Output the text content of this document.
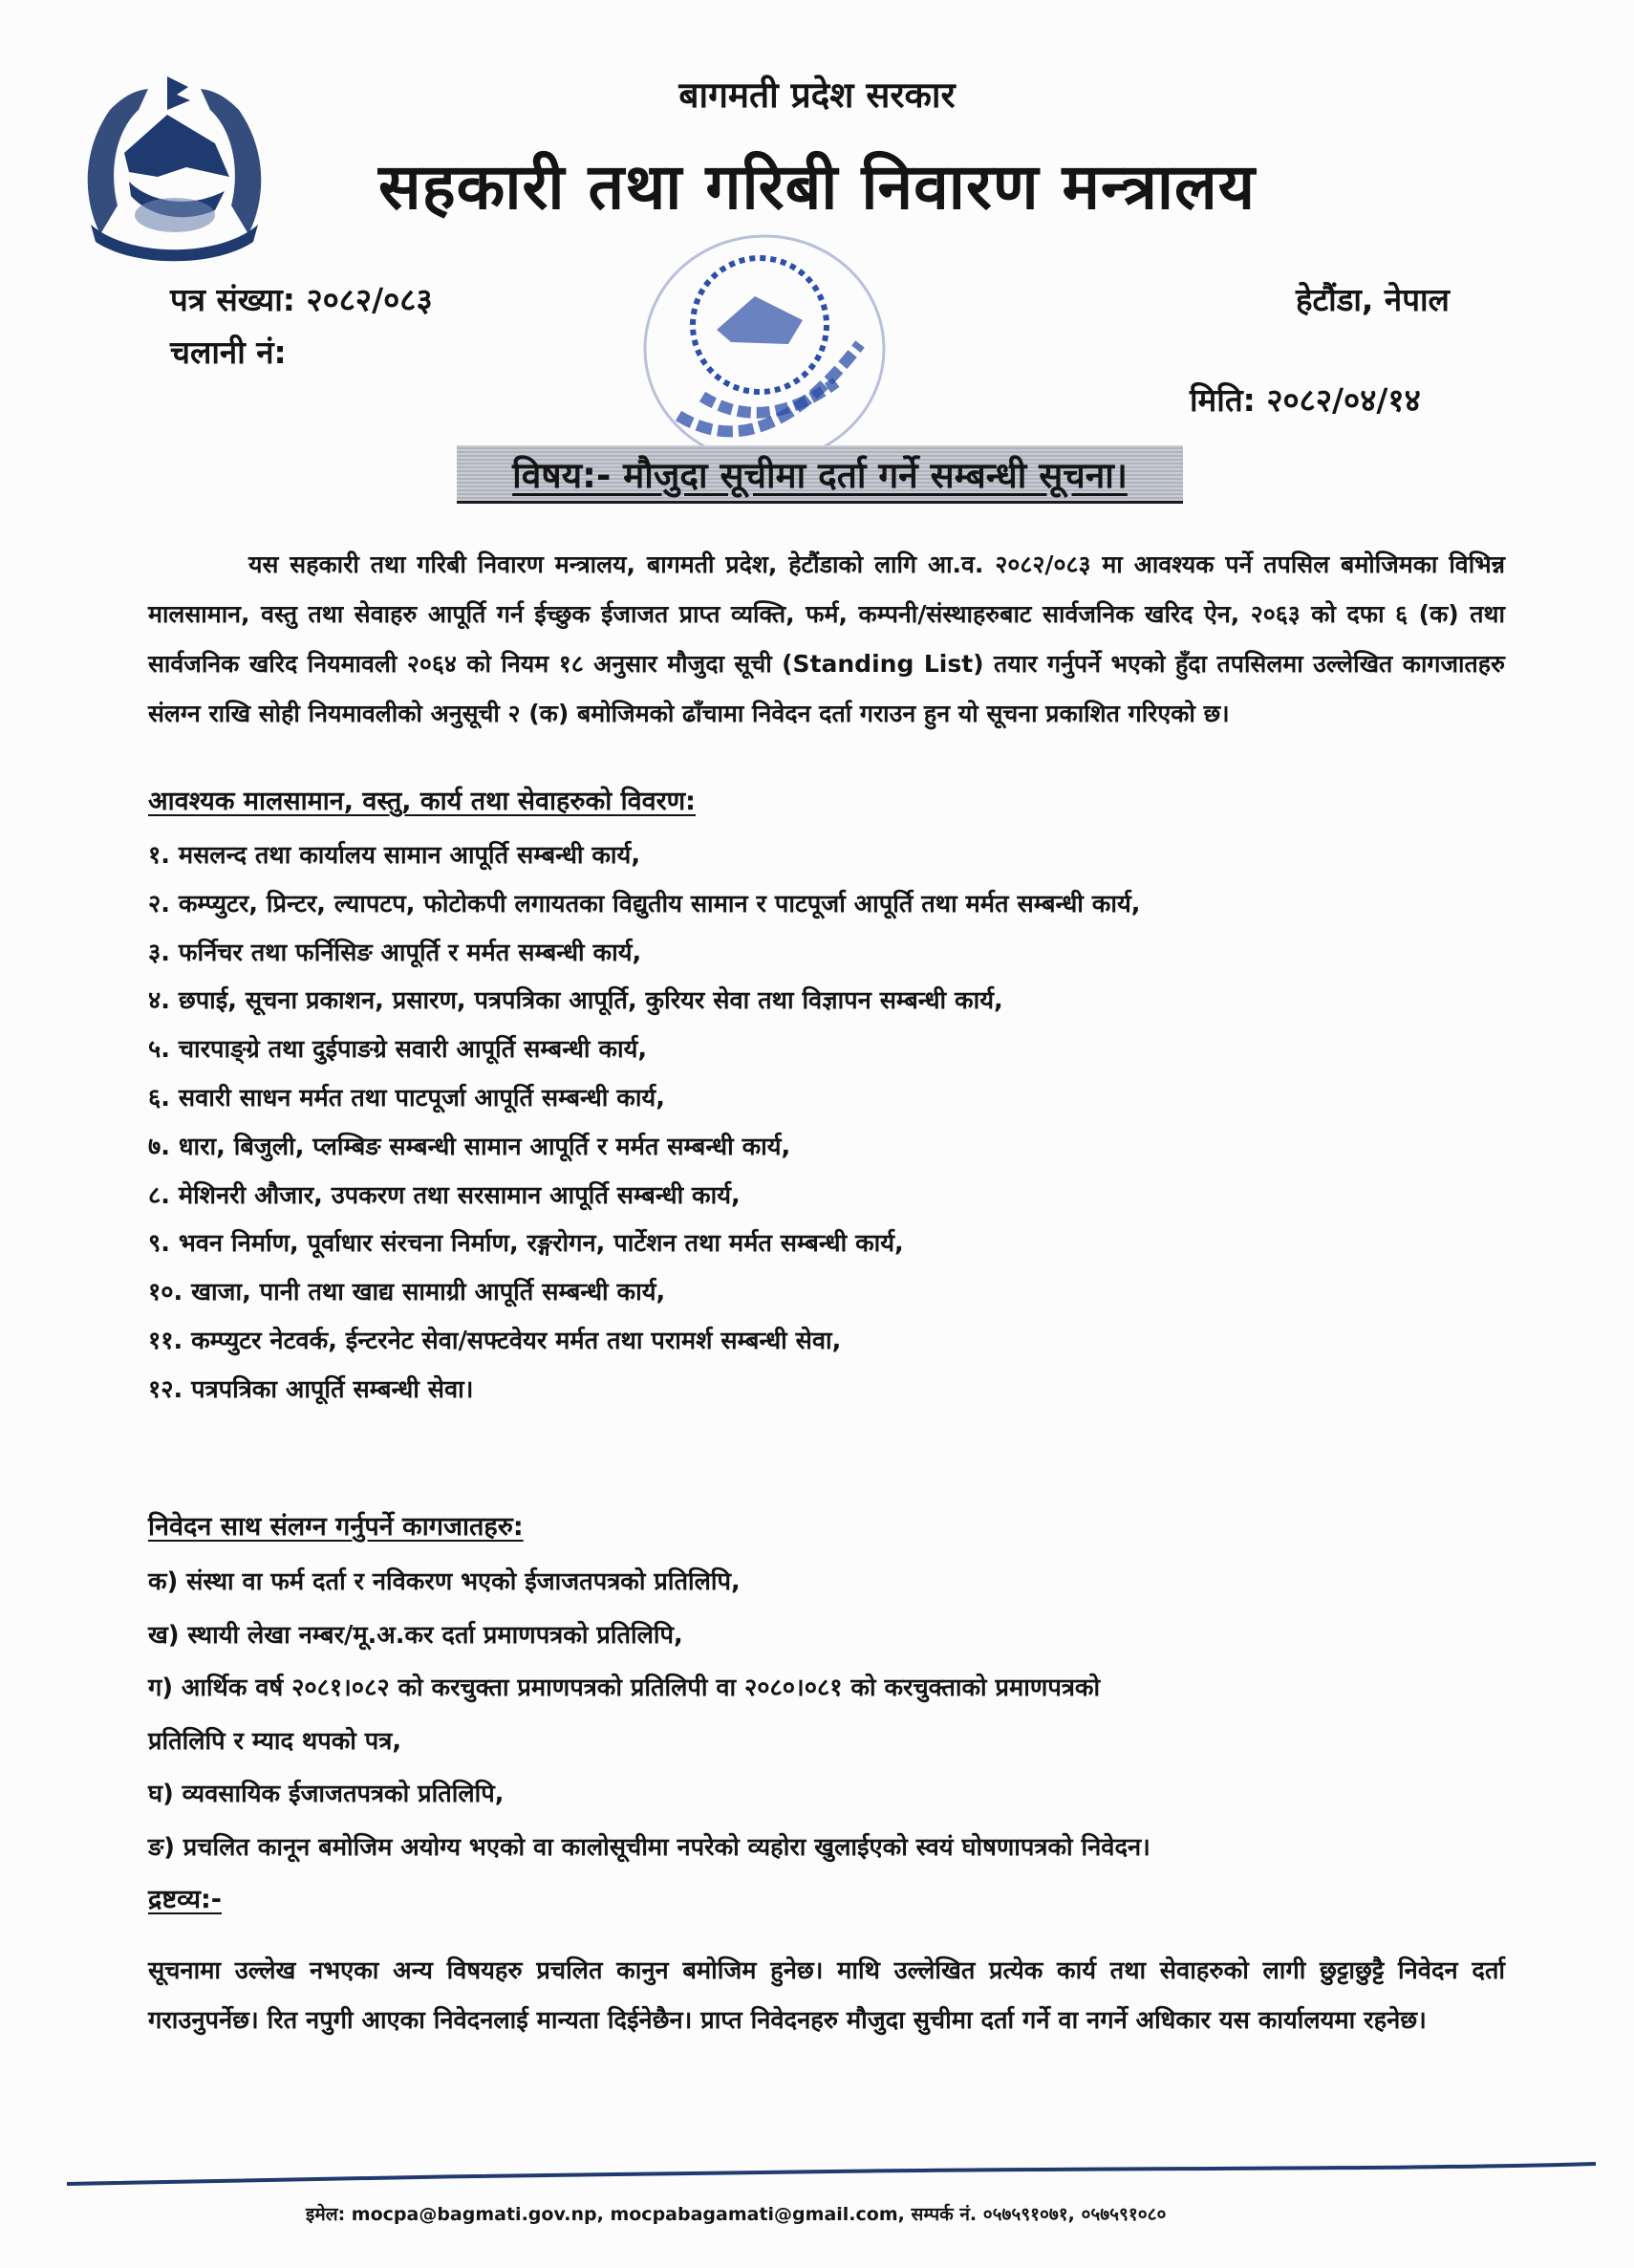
बागमती प्रदेश सरकार
सहकारी तथा गरिबी निवारण मन्त्रालय
पत्र संख्या: २०८२/०८३
चलानी नं:
हेटौंडा, नेपाल
मिति: २०८२/०४/१४
विषय:- मौजुदा सूचीमा दर्ता गर्ने सम्बन्धी सूचना।

यस सहकारी तथा गरिबी निवारण मन्त्रालय, बागमती प्रदेश, हेटौंडाको लागि आ.व. २०८२/०८३ मा आवश्यक पर्ने तपसिल बमोजिमका विभिन्न मालसामान, वस्तु तथा सेवाहरु आपूर्ति गर्न ईच्छुक ईजाजत प्राप्त व्यक्ति, फर्म, कम्पनी/संस्थाहरुबाट सार्वजनिक खरिद ऐन, २०६३ को दफा ६ (क) तथा सार्वजनिक खरिद नियमावली २०६४ को नियम १८ अनुसार मौजुदा सूची (Standing List) तयार गर्नुपर्ने भएको हुँदा तपसिलमा उल्लेखित कागजातहरु संलग्न राखि सोही नियमावलीको अनुसूची २ (क) बमोजिमको ढाँचामा निवेदन दर्ता गराउन हुन यो सूचना प्रकाशित गरिएको छ।

आवश्यक मालसामान, वस्तु, कार्य तथा सेवाहरुको विवरण:
१. मसलन्द तथा कार्यालय सामान आपूर्ति सम्बन्धी कार्य,
२. कम्प्युटर, प्रिन्टर, ल्यापटप, फोटोकपी लगायतका विद्युतीय सामान र पाटपूर्जा आपूर्ति तथा मर्मत सम्बन्धी कार्य,
३. फर्निचर तथा फर्निसिङ आपूर्ति र मर्मत सम्बन्धी कार्य,
४. छपाई, सूचना प्रकाशन, प्रसारण, पत्रपत्रिका आपूर्ति, कुरियर सेवा तथा विज्ञापन सम्बन्धी कार्य,
५. चारपाङ्ग्रे तथा दुईपाङग्रे सवारी आपूर्ति सम्बन्धी कार्य,
६. सवारी साधन मर्मत तथा पाटपूर्जा आपूर्ति सम्बन्धी कार्य,
७. धारा, बिजुली, प्लम्बिङ सम्बन्धी सामान आपूर्ति र मर्मत सम्बन्धी कार्य,
८. मेशिनरी औजार, उपकरण तथा सरसामान आपूर्ति सम्बन्धी कार्य,
९. भवन निर्माण, पूर्वाधार संरचना निर्माण, रङ्गरोगन, पार्टेशन तथा मर्मत सम्बन्धी कार्य,
१०. खाजा, पानी तथा खाद्य सामाग्री आपूर्ति सम्बन्धी कार्य,
११. कम्प्युटर नेटवर्क, ईन्टरनेट सेवा/सफ्टवेयर मर्मत तथा परामर्श सम्बन्धी सेवा,
१२. पत्रपत्रिका आपूर्ति सम्बन्धी सेवा।
निवेदन साथ संलग्न गर्नुपर्ने कागजातहरु:
क) संस्था वा फर्म दर्ता र नविकरण भएको ईजाजतपत्रको प्रतिलिपि,
ख) स्थायी लेखा नम्बर/मू.अ.कर दर्ता प्रमाणपत्रको प्रतिलिपि,
ग) आर्थिक वर्ष २०८१।०८२ को करचुक्ता प्रमाणपत्रको प्रतिलिपी वा २०८०।०८१ को करचुक्ताको प्रमाणपत्रको
प्रतिलिपि र म्याद थपको पत्र,
घ) व्यवसायिक ईजाजतपत्रको प्रतिलिपि,
ङ) प्रचलित कानून बमोजिम अयोग्य भएको वा कालोसूचीमा नपरेको व्यहोरा खुलाईएको स्वयं घोषणापत्रको निवेदन।
द्रष्टव्य:-

सूचनामा उल्लेख नभएका अन्य विषयहरु प्रचलित कानुन बमोजिम हुनेछ। माथि उल्लेखित प्रत्येक कार्य तथा सेवाहरुको लागी छुट्टाछुट्टै निवेदन दर्ता गराउनुपर्नेछ। रित नपुगी आएका निवेदनलाई मान्यता दिईनेछैन। प्राप्त निवेदनहरु मौजुदा सुचीमा दर्ता गर्ने वा नगर्ने अधिकार यस कार्यालयमा रहनेछ।

इमेल: mocpa@bagmati.gov.np, mocpabagamati@gmail.com, सम्पर्क नं. ०५७५९१०७१, ०५७५९१०८०
